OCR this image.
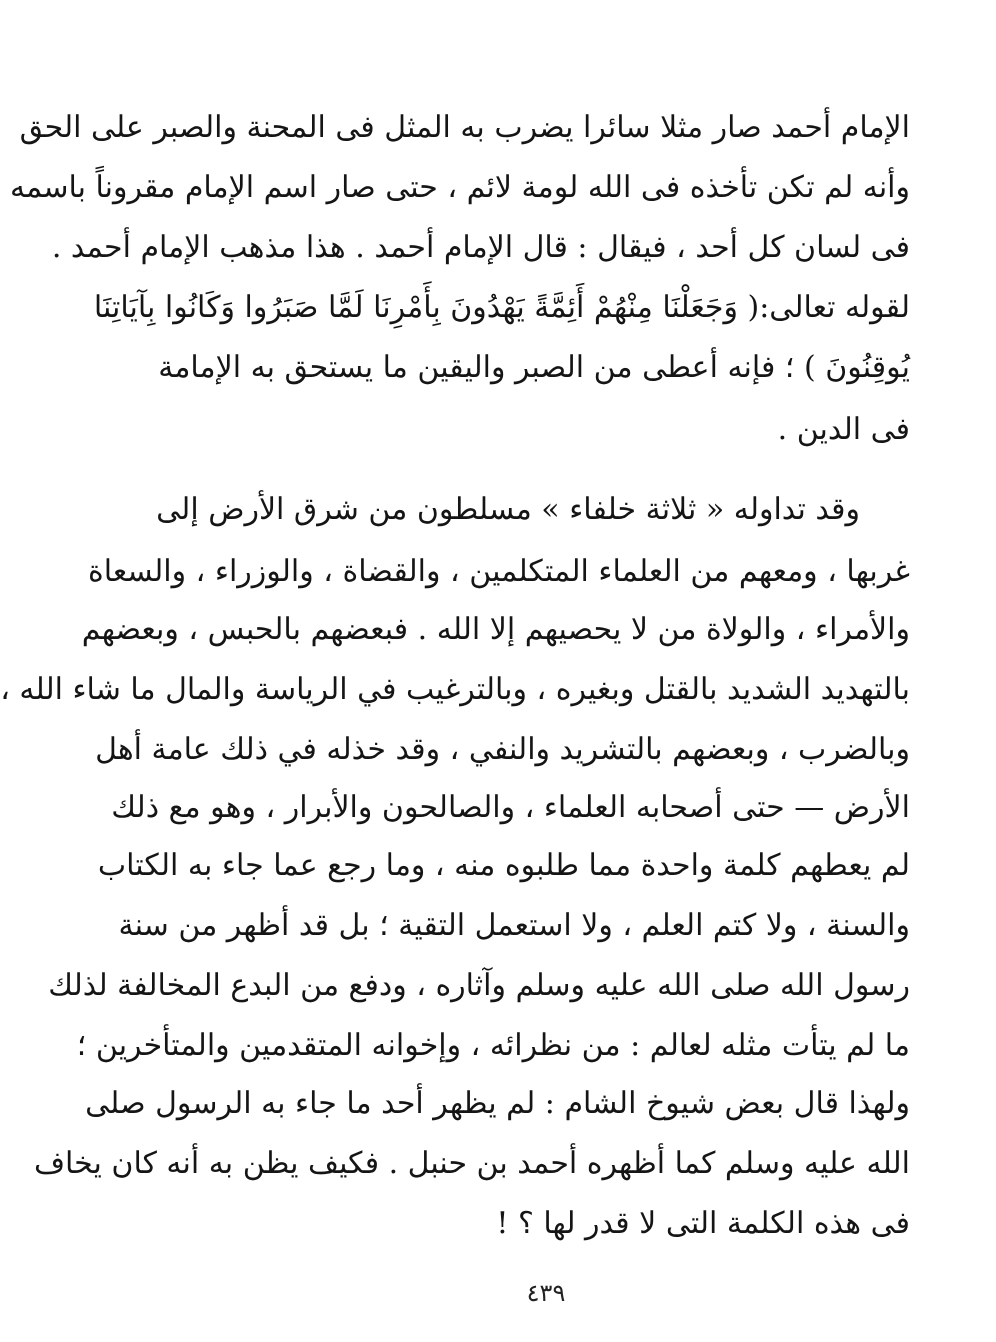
الإمام أحمد صار مثلا سائرا يضرب به المثل فى المحنة والصبر على الحق
وأنه لم تكن تأخذه فى الله لومة لائم ، حتى صار اسم الإمام مقروناً باسمه
فى لسان كل أحد ، فيقال : قال الإمام أحمد . هذا مذهب الإمام أحمد .
لقوله تعالى:
( وَجَعَلْنَا مِنْهُمْ أَئِمَّةً يَهْدُونَ بِأَمْرِنَا لَمَّا صَبَرُوا وَكَانُوا بِآيَاتِنَا
يُوقِنُونَ ) ؛ فإنه أعطى من الصبر واليقين ما يستحق به الإمامة
فى الدين .
وقد تداوله « ثلاثة خلفاء » مسلطون من شرق الأرض إلى
غربها ، ومعهم من العلماء المتكلمين ، والقضاة ، والوزراء ، والسعاة
والأمراء ، والولاة من لا يحصيهم إلا الله . فبعضهم بالحبس ، وبعضهم
بالتهديد الشديد بالقتل وبغيره ، وبالترغيب في الرياسة والمال ما شاء الله ،
وبالضرب ، وبعضهم بالتشريد والنفي ، وقد خذله في ذلك عامة أهل
الأرض — حتى أصحابه العلماء ، والصالحون والأبرار ، وهو مع ذلك
لم يعطهم كلمة واحدة مما طلبوه منه ، وما رجع عما جاء به الكتاب
والسنة ، ولا كتم العلم ، ولا استعمل التقية ؛ بل قد أظهر من سنة
رسول الله صلى الله عليه وسلم وآثاره ، ودفع من البدع المخالفة لذلك
ما لم يتأت مثله لعالم : من نظرائه ، وإخوانه المتقدمين والمتأخرين ؛
ولهذا قال بعض شيوخ الشام : لم يظهر أحد ما جاء به الرسول صلى
الله عليه وسلم كما أظهره أحمد بن حنبل . فكيف يظن به أنه كان يخاف
فى هذه الكلمة التى لا قدر لها ؟ !
٤٣٩
